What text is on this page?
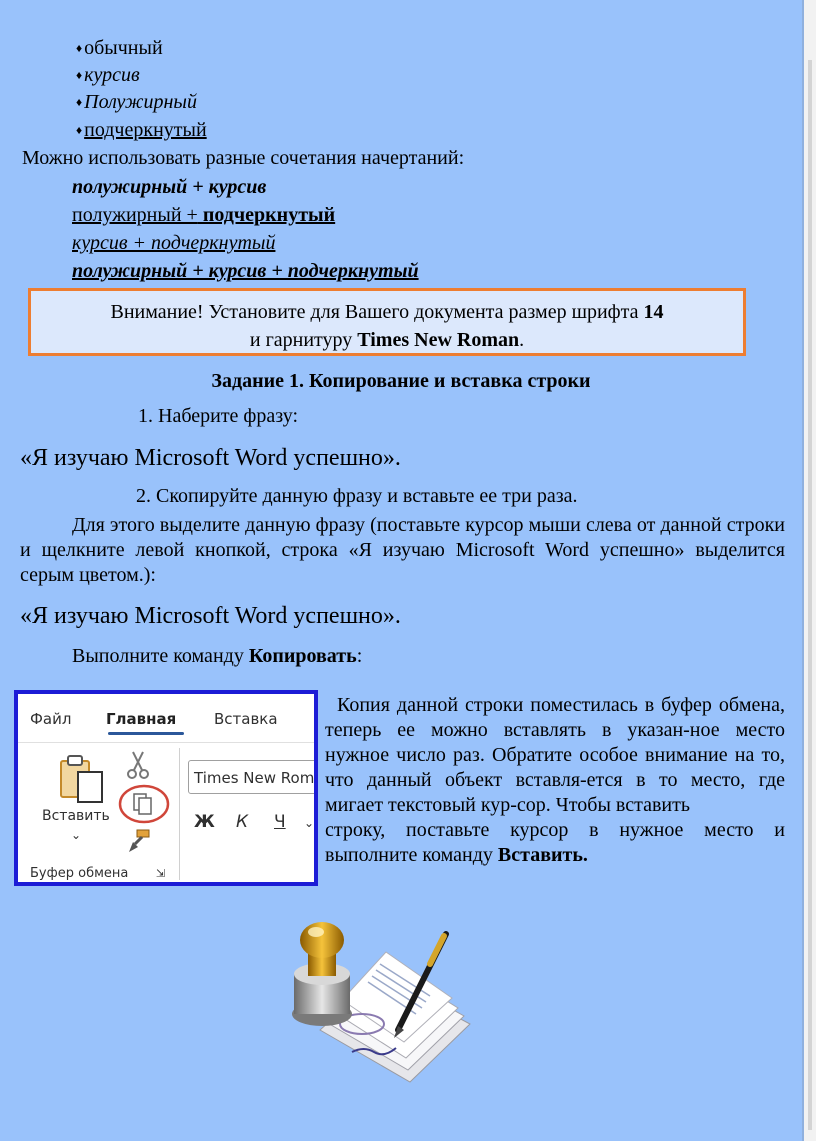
♦ обычный
♦ курсив
♦ Полужирный
♦ подчеркнутый
Можно использовать разные сочетания начертаний:
полужирный + курсив
полужирный + подчеркнутый
курсив + подчеркнутый
полужирный + курсив + подчеркнутый
Внимание! Установите для Вашего документа размер шрифта 14
и гарнитуру Times New Roman.
Задание 1. Копирование и вставка строки
1. Наберите фразу:
«Я изучаю Microsoft Word успешно».
2. Скопируйте данную фразу и вставьте ее три раза.
Для этого выделите данную фразу (поставьте курсор мыши слева от данной строки и щелкните левой кнопкой, строка «Я изучаю Microsoft Word успешно» выделится серым цветом.):
«Я изучаю Microsoft Word успешно».
Выполните команду Копировать:
Файл Главная	Вставка
Вставить
⌄
Times New Rom
Ж К Ч ⌄
Буфер обмена	⇲
Копия данной строки поместилась в буфер обмена, теперь ее можно вставлять в указан-ное место нужное число раз. Обратите особое внимание на то, что данный объект вставля-ется в то место, где мигает текстовый кур-сор. Чтобы вставить
строку, поставьте курсор в нужное место и выполните команду Вставить.
